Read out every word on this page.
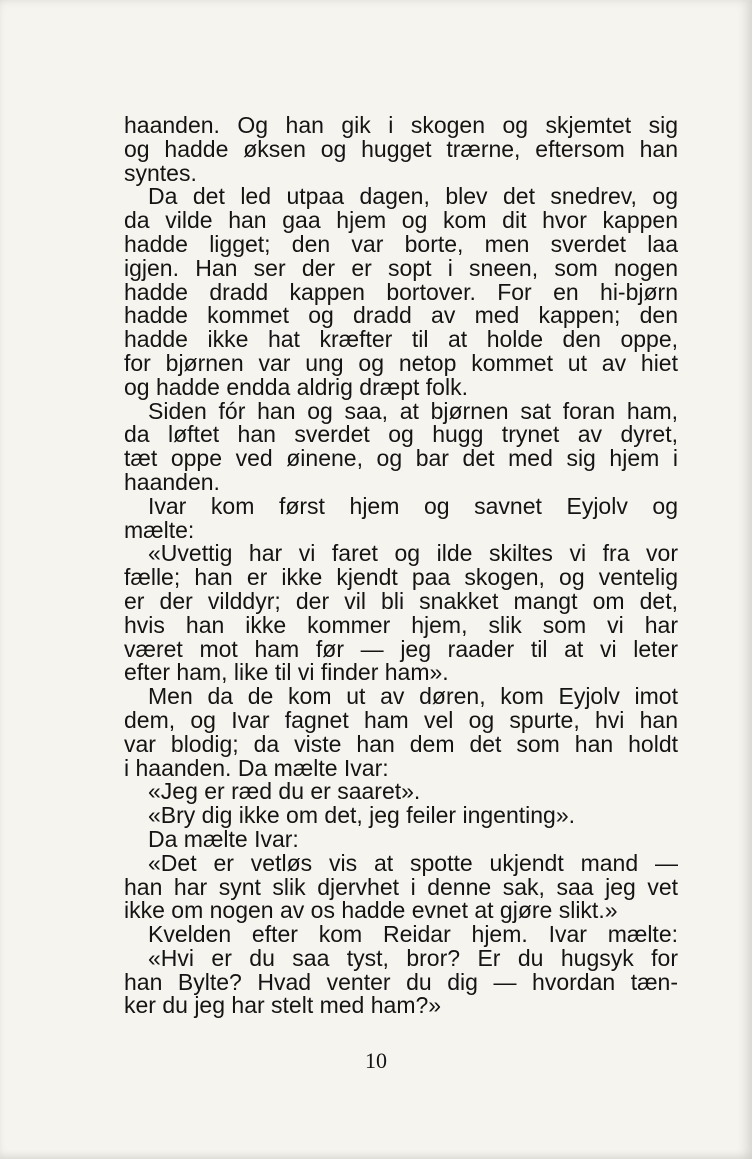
haanden. Og han gik i skogen og skjemtet sig
og hadde øksen og hugget trærne, eftersom han
syntes.
Da det led utpaa dagen, blev det snedrev, og
da vilde han gaa hjem og kom dit hvor kappen
hadde ligget; den var borte, men sverdet laa
igjen. Han ser der er sopt i sneen, som nogen
hadde dradd kappen bortover. For en hi-bjørn
hadde kommet og dradd av med kappen; den
hadde ikke hat kræfter til at holde den oppe,
for bjørnen var ung og netop kommet ut av hiet
og hadde endda aldrig dræpt folk.
Siden fór han og saa, at bjørnen sat foran ham,
da løftet han sverdet og hugg trynet av dyret,
tæt oppe ved øinene, og bar det med sig hjem i
haanden.
Ivar kom først hjem og savnet Eyjolv og
mælte:
«Uvettig har vi faret og ilde skiltes vi fra vor
fælle; han er ikke kjendt paa skogen, og ventelig
er der vilddyr; der vil bli snakket mangt om det,
hvis han ikke kommer hjem, slik som vi har
været mot ham før — jeg raader til at vi leter
efter ham, like til vi finder ham».
Men da de kom ut av døren, kom Eyjolv imot
dem, og Ivar fagnet ham vel og spurte, hvi han
var blodig; da viste han dem det som han holdt
i haanden. Da mælte Ivar:
«Jeg er ræd du er saaret».
«Bry dig ikke om det, jeg feiler ingenting».
Da mælte Ivar:
«Det er vetløs vis at spotte ukjendt mand —
han har synt slik djervhet i denne sak, saa jeg vet
ikke om nogen av os hadde evnet at gjøre slikt.»
Kvelden efter kom Reidar hjem. Ivar mælte:
«Hvi er du saa tyst, bror? Er du hugsyk for
han Bylte? Hvad venter du dig — hvordan tæn-
ker du jeg har stelt med ham?»
10
